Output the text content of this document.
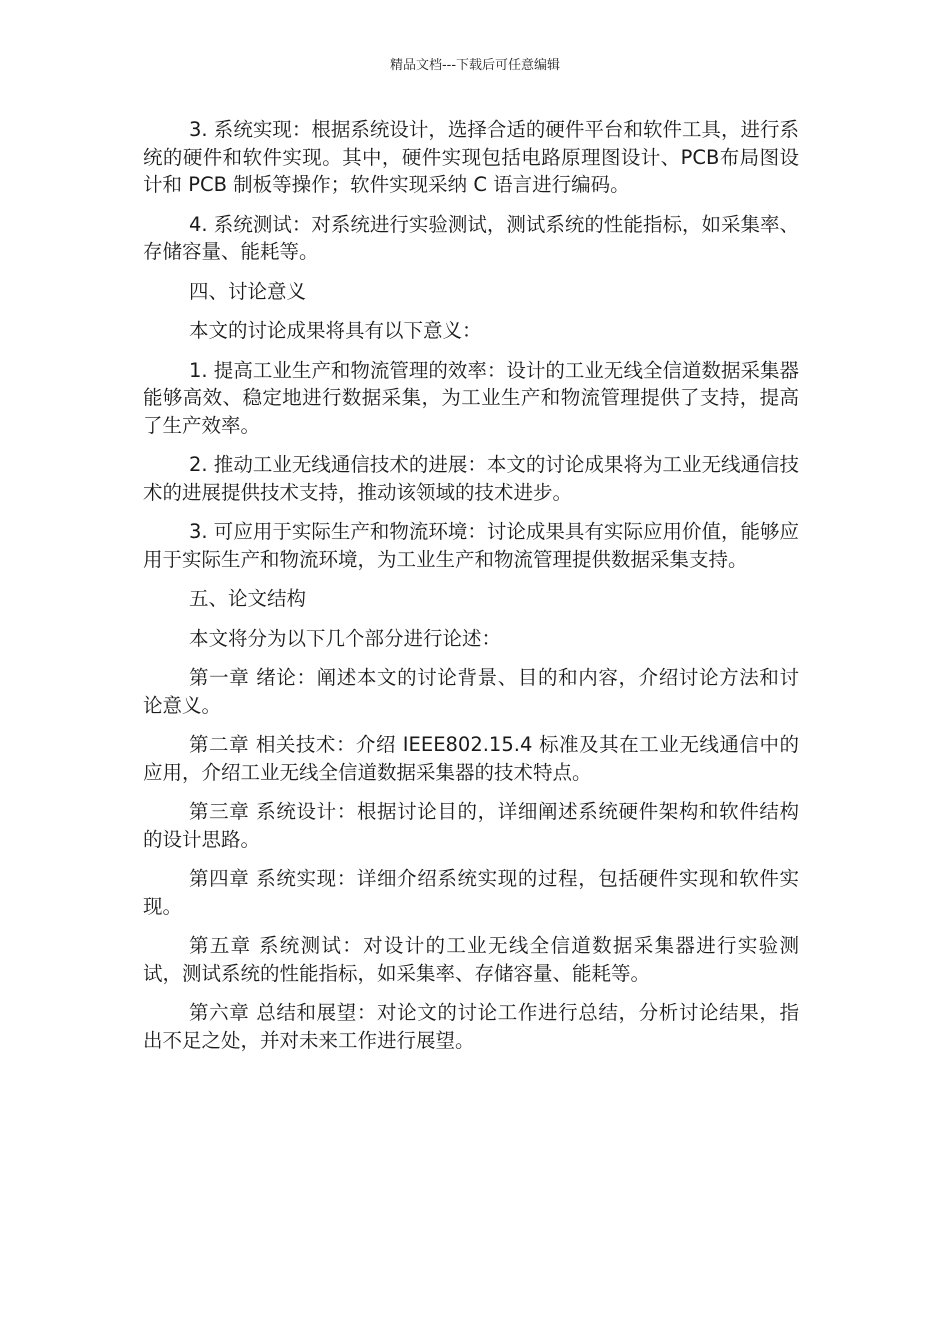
精品文档---下载后可任意编辑

3. 系统实现：根据系统设计，选择合适的硬件平台和软件工具，进行系统的硬件和软件实现。其中，硬件实现包括电路原理图设计、PCB布局图设计和 PCB 制板等操作；软件实现采纳 C 语言进行编码。

4. 系统测试：对系统进行实验测试，测试系统的性能指标，如采集率、存储容量、能耗等。

四、讨论意义

本文的讨论成果将具有以下意义：

1. 提高工业生产和物流管理的效率：设计的工业无线全信道数据采集器能够高效、稳定地进行数据采集，为工业生产和物流管理提供了支持，提高了生产效率。

2. 推动工业无线通信技术的进展：本文的讨论成果将为工业无线通信技术的进展提供技术支持，推动该领域的技术进步。

3. 可应用于实际生产和物流环境：讨论成果具有实际应用价值，能够应用于实际生产和物流环境，为工业生产和物流管理提供数据采集支持。

五、论文结构

本文将分为以下几个部分进行论述：

第一章 绪论：阐述本文的讨论背景、目的和内容，介绍讨论方法和讨论意义。

第二章 相关技术：介绍 IEEE802.15.4 标准及其在工业无线通信中的应用，介绍工业无线全信道数据采集器的技术特点。

第三章 系统设计：根据讨论目的，详细阐述系统硬件架构和软件结构的设计思路。

第四章 系统实现：详细介绍系统实现的过程，包括硬件实现和软件实现。

第五章 系统测试：对设计的工业无线全信道数据采集器进行实验测试，测试系统的性能指标，如采集率、存储容量、能耗等。

第六章 总结和展望：对论文的讨论工作进行总结，分析讨论结果，指出不足之处，并对未来工作进行展望。
